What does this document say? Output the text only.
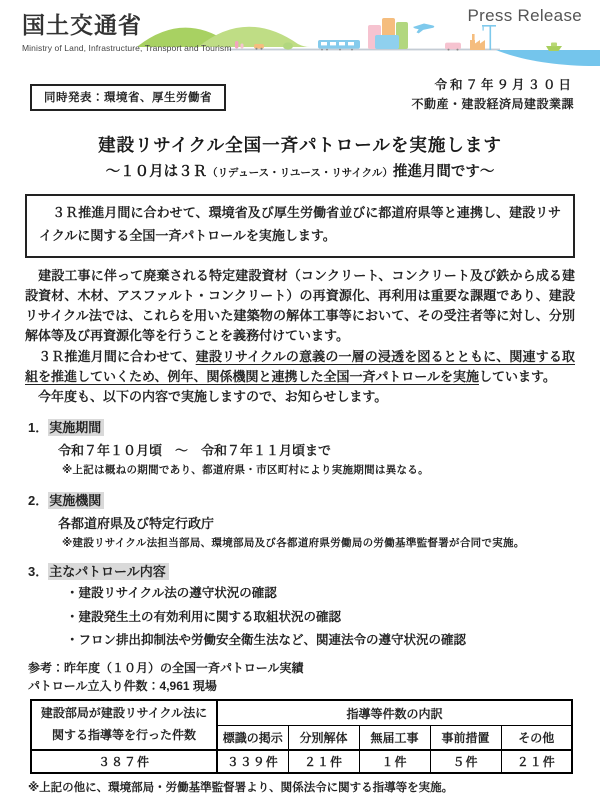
国土交通省
Ministry of Land, Infrastructure, Transport and Tourism
Press Release
同時発表：環境省、厚生労働省
令和７年９月３０日
不動産・建設経済局建設業課
建設リサイクル全国一斉パトロールを実施します
～１０月は３Ｒ（リデュース・リユース・リサイクル）推進月間です～
　３Ｒ推進月間に合わせて、環境省及び厚生労働省並びに都道府県等と連携し、建設リサイクルに関する全国一斉パトロールを実施します。

　建設工事に伴って廃棄される特定建設資材（コンクリート、コンクリート及び鉄から成る建設資材、木材、アスファルト・コンクリート）の再資源化、再利用は重要な課題であり、建設リサイクル法では、これらを用いた建築物の解体工事等において、その受注者等に対し、分別解体等及び再資源化等を行うことを義務付けています。

　３Ｒ推進月間に合わせて、建設リサイクルの意義の一層の浸透を図るとともに、関連する取組を推進していくため、例年、関係機関と連携した全国一斉パトロールを実施しています。

　今年度も、以下の内容で実施しますので、お知らせします。

1．実施期間
令和７年１０月頃　～　令和７年１１月頃まで
※上記は概ねの期間であり、都道府県・市区町村により実施期間は異なる。
2．実施機関
各都道府県及び特定行政庁
※建設リサイクル法担当部局、環境部局及び各都道府県労働局の労働基準監督署が合同で実施。
3．主なパトロール内容
・建設リサイクル法の遵守状況の確認
・建設発生土の有効利用に関する取組状況の確認
・フロン排出抑制法や労働安全衛生法など、関連法令の遵守状況の確認
参考：昨年度（１０月）の全国一斉パトロール実績
パトロール立入り件数：4,961 現場
建設部局が建設リサイクル法に関する指導等を行った件数	指導等件数の内訳				
	標識の掲示	分別解体	無届工事	事前措置	その他
３８７件	３３９件	２１件	１件	５件	２１件
※上記の他に、環境部局・労働基準監督署より、関係法令に関する指導等を実施。
